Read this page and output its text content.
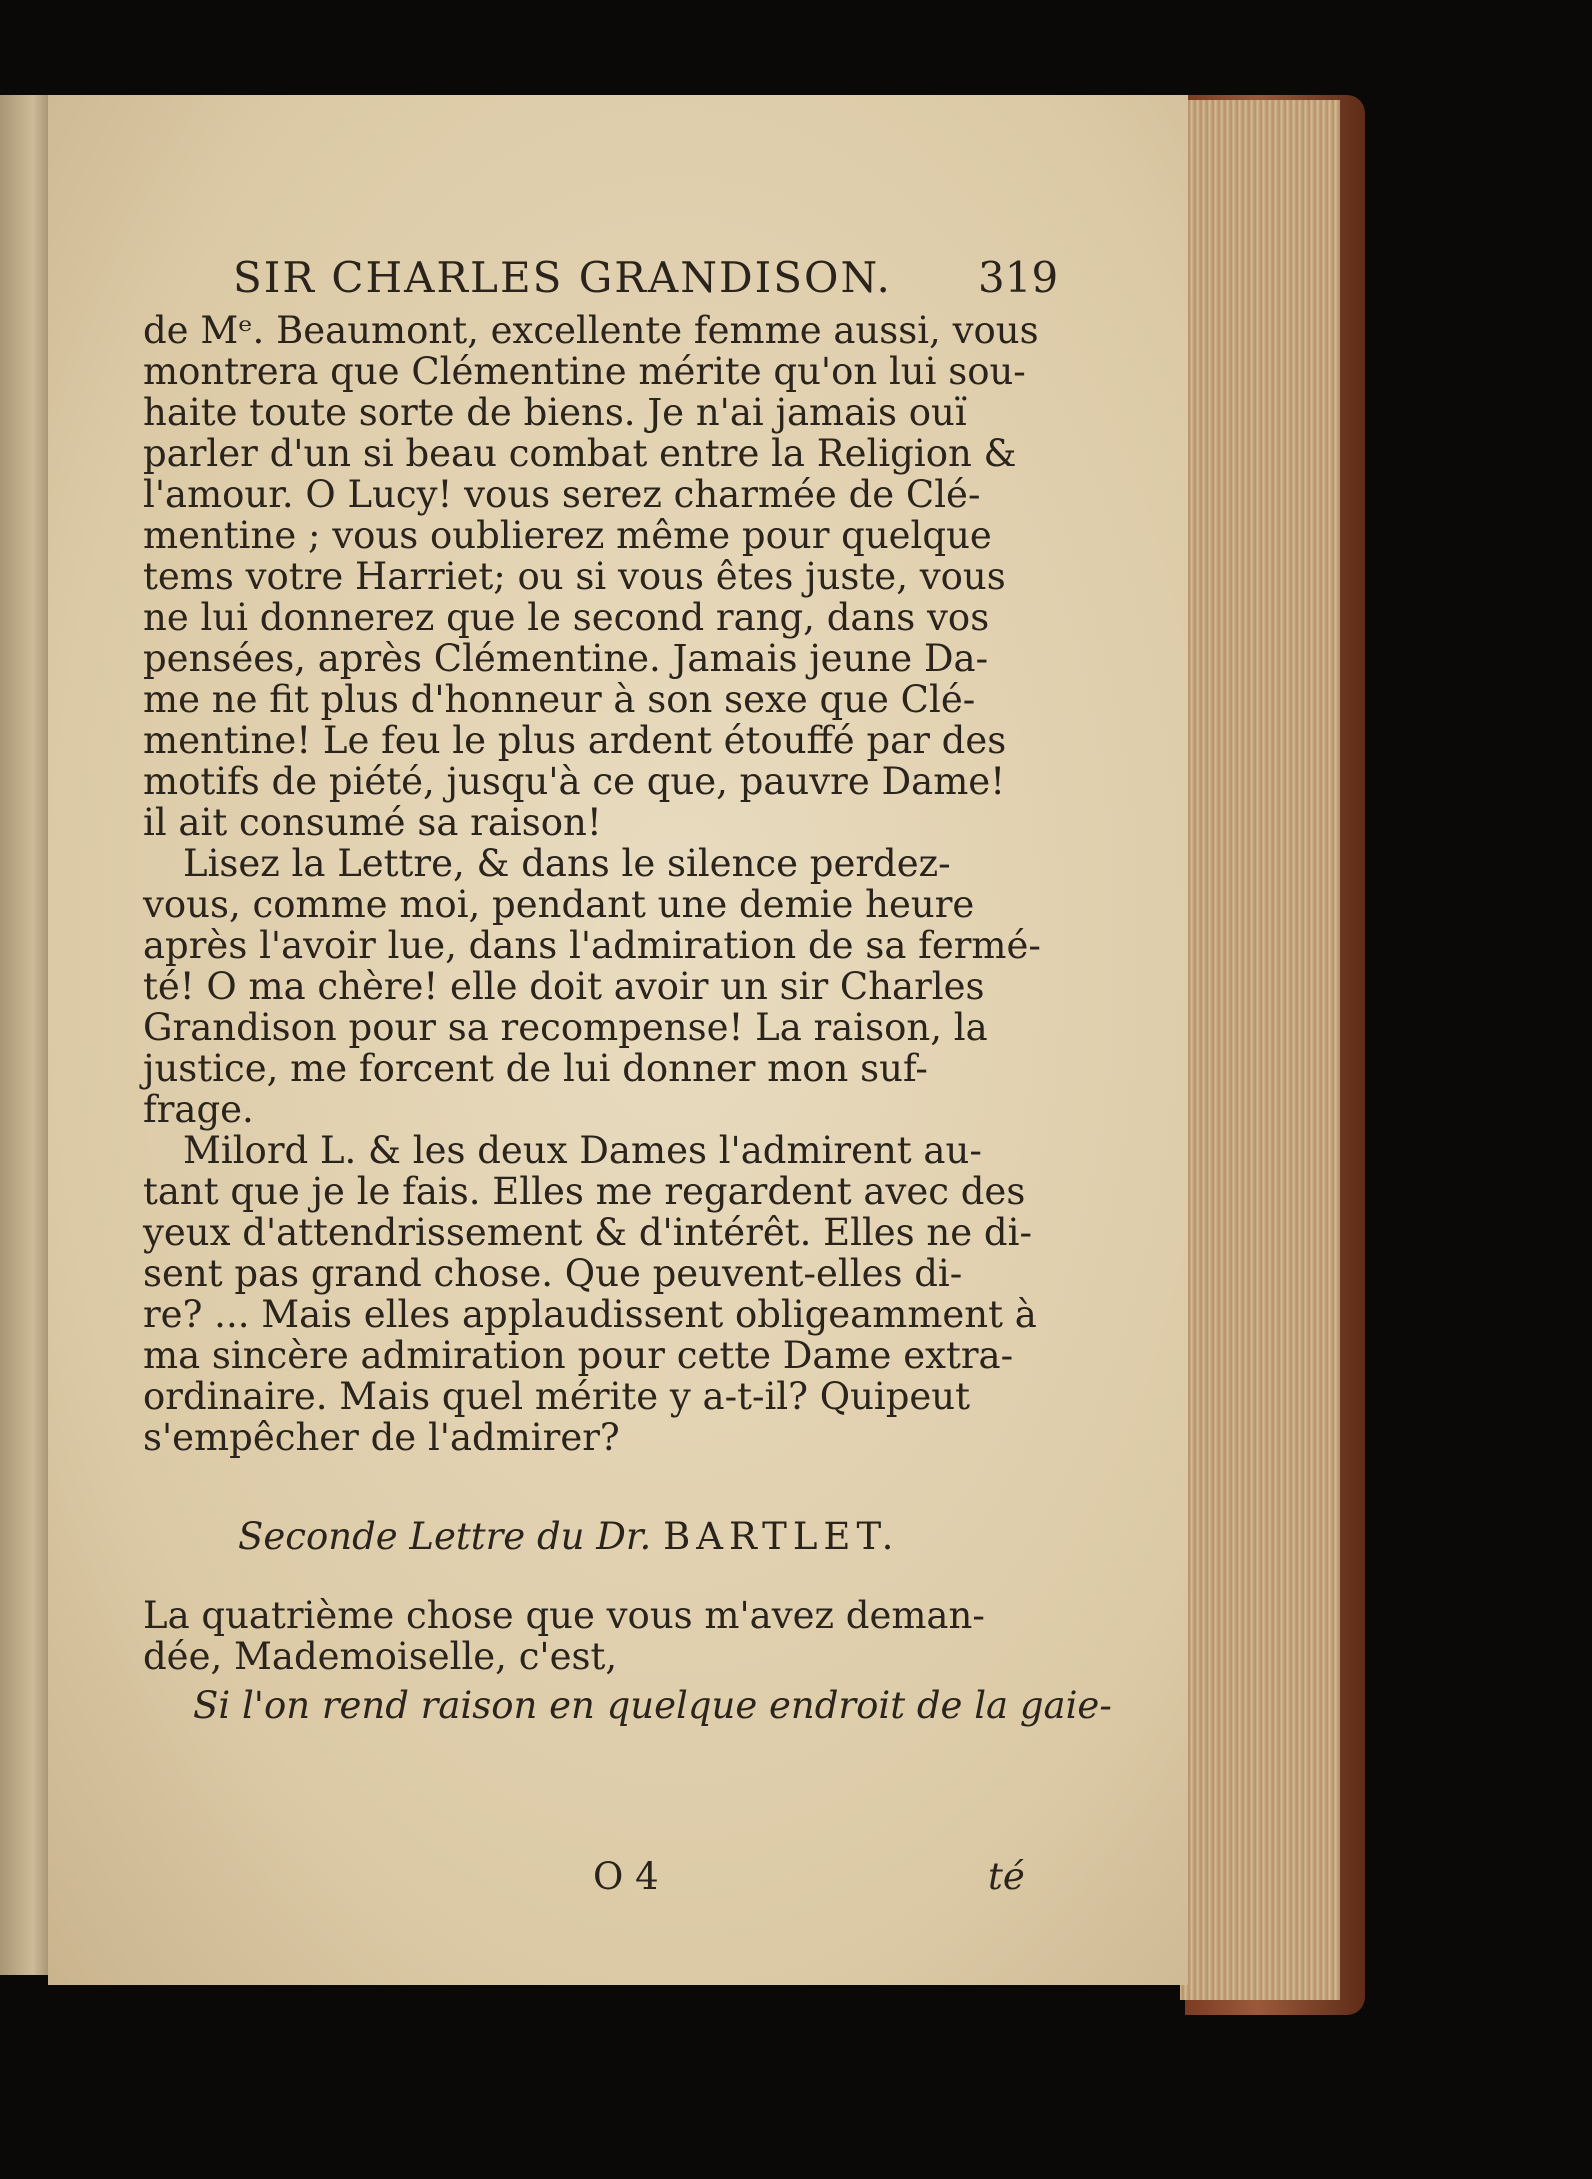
SIR CHARLES GRANDISON.	319
de Mᵉ. Beaumont, excellente femme aussi, vous
montrera que Clémentine mérite qu'on lui sou-
haite toute sorte de biens. Je n'ai jamais ouï
parler d'un si beau combat entre la Religion &
l'amour. O Lucy! vous serez charmée de Clé-
mentine ; vous oublierez même pour quelque
tems votre Harriet; ou si vous êtes juste, vous
ne lui donnerez que le second rang, dans vos
pensées, après Clémentine. Jamais jeune Da-
me ne fit plus d'honneur à son sexe que Clé-
mentine! Le feu le plus ardent étouffé par des
motifs de piété, jusqu'à ce que, pauvre Dame!
il ait consumé sa raison!
Lisez la Lettre, & dans le silence perdez-
vous, comme moi, pendant une demie heure
après l'avoir lue, dans l'admiration de sa fermé-
té! O ma chère! elle doit avoir un sir Charles
Grandison pour sa recompense! La raison, la
justice, me forcent de lui donner mon suf-
frage.
Milord L. & les deux Dames l'admirent au-
tant que je le fais. Elles me regardent avec des
yeux d'attendrissement & d'intérêt. Elles ne di-
sent pas grand chose. Que peuvent-elles di-
re? ... Mais elles applaudissent obligeamment à
ma sincère admiration pour cette Dame extra-
ordinaire. Mais quel mérite y a-t-il? Quipeut
s'empêcher de l'admirer?
Seconde Lettre du Dr. BARTLET.
La quatrième chose que vous m'avez deman-
dée, Mademoiselle, c'est,
Si l'on rend raison en quelque endroit de la gaie-
O 4	té
